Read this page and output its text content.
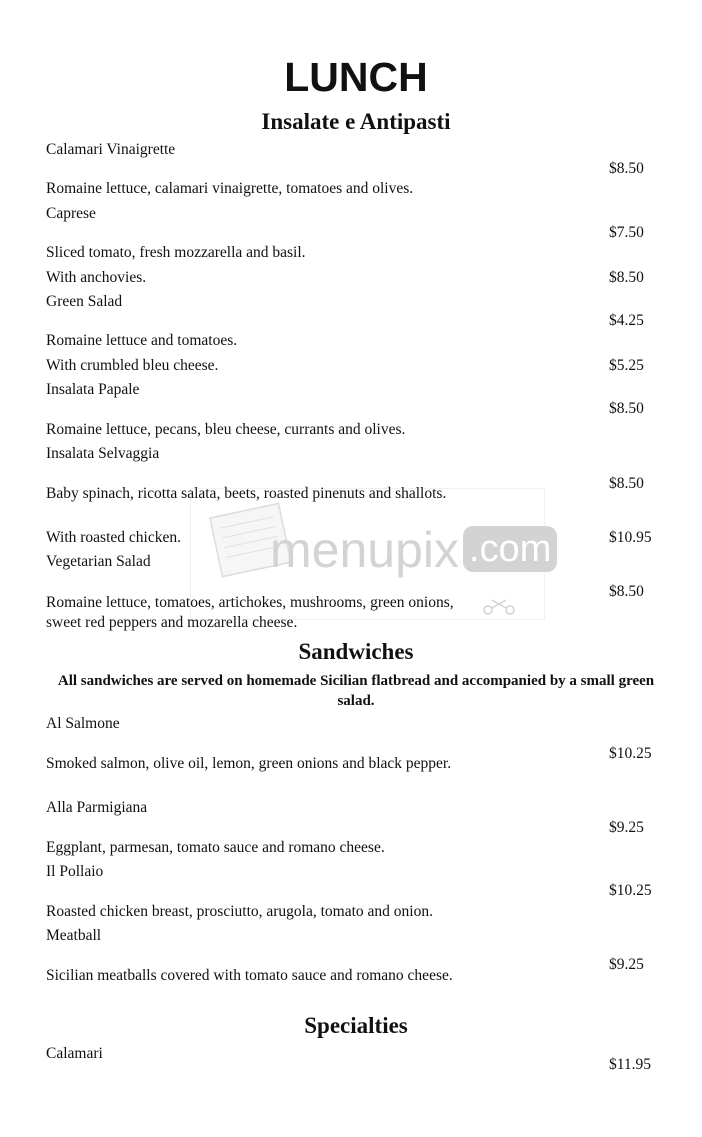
LUNCH
Insalate e Antipasti
Calamari Vinaigrette
$8.50
Romaine lettuce, calamari vinaigrette, tomatoes and olives.
Caprese
$7.50
Sliced tomato, fresh mozzarella and basil.
With anchovies.	$8.50
Green Salad
$4.25
Romaine lettuce and tomatoes.
With crumbled bleu cheese.	$5.25
Insalata Papale
$8.50
Romaine lettuce, pecans, bleu cheese, currants and olives.
Insalata Selvaggia
$8.50
Baby spinach, ricotta salata, beets, roasted pinenuts and shallots.
With roasted chicken.	$10.95
Vegetarian Salad
$8.50
Romaine lettuce, tomatoes, artichokes, mushrooms, green onions, sweet red peppers and mozarella cheese.
Sandwiches
All sandwiches are served on homemade Sicilian flatbread and accompanied by a small green salad.
Al Salmone
$10.25
Smoked salmon, olive oil, lemon, green onions and black pepper.
Alla Parmigiana
$9.25
Eggplant, parmesan, tomato sauce and romano cheese.
Il Pollaio
$10.25
Roasted chicken breast, prosciutto, arugola, tomato and onion.
Meatball
$9.25
Sicilian meatballs covered with tomato sauce and romano cheese.
Specialties
Calamari
$11.95
menupix .com
